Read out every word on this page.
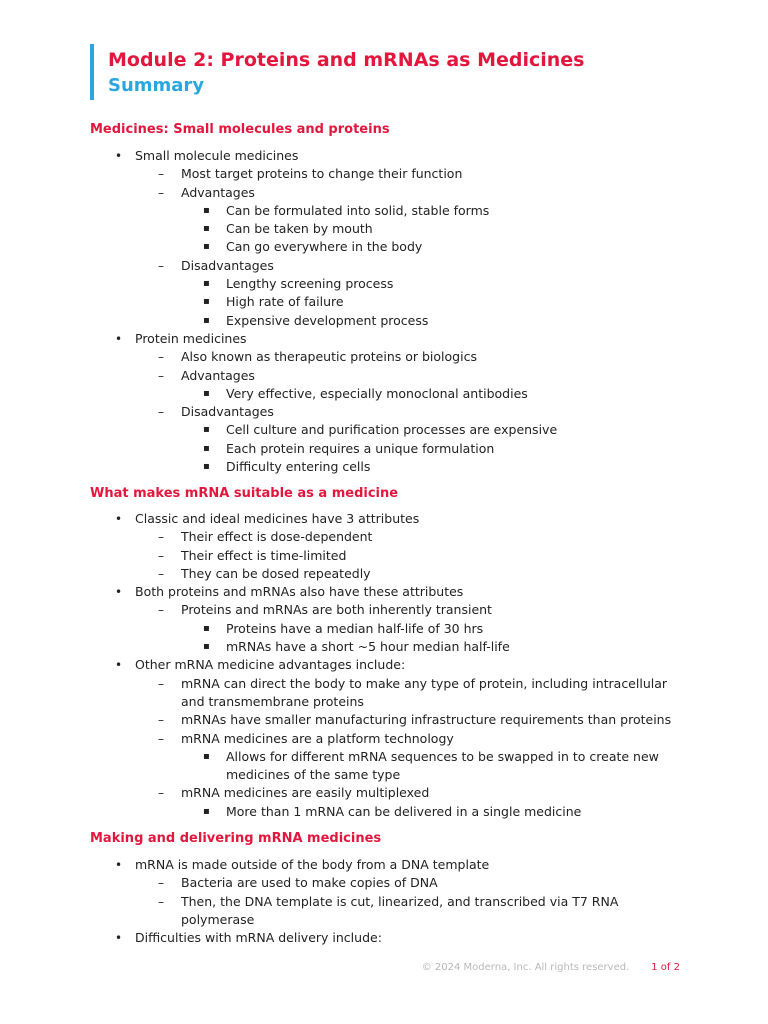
Module 2: Proteins and mRNAs as Medicines
Summary
Medicines: Small molecules and proteins
• Small molecule medicines
– Most target proteins to change their function
– Advantages
▪ Can be formulated into solid, stable forms
▪ Can be taken by mouth
▪ Can go everywhere in the body
– Disadvantages
▪ Lengthy screening process
▪ High rate of failure
▪ Expensive development process
• Protein medicines
– Also known as therapeutic proteins or biologics
– Advantages
▪ Very effective, especially monoclonal antibodies
– Disadvantages
▪ Cell culture and purification processes are expensive
▪ Each protein requires a unique formulation
▪ Difficulty entering cells
What makes mRNA suitable as a medicine
• Classic and ideal medicines have 3 attributes
– Their effect is dose-dependent
– Their effect is time-limited
– They can be dosed repeatedly
• Both proteins and mRNAs also have these attributes
– Proteins and mRNAs are both inherently transient
▪ Proteins have a median half-life of 30 hrs
▪ mRNAs have a short ~5 hour median half-life
• Other mRNA medicine advantages include:
– mRNA can direct the body to make any type of protein, including intracellular and transmembrane proteins
– mRNAs have smaller manufacturing infrastructure requirements than proteins
– mRNA medicines are a platform technology
▪ Allows for different mRNA sequences to be swapped in to create new medicines of the same type
– mRNA medicines are easily multiplexed
▪ More than 1 mRNA can be delivered in a single medicine
Making and delivering mRNA medicines
• mRNA is made outside of the body from a DNA template
– Bacteria are used to make copies of DNA
– Then, the DNA template is cut, linearized, and transcribed via T7 RNA polymerase
• Difficulties with mRNA delivery include:
© 2024 Moderna, Inc. All rights reserved. 1 of 2
